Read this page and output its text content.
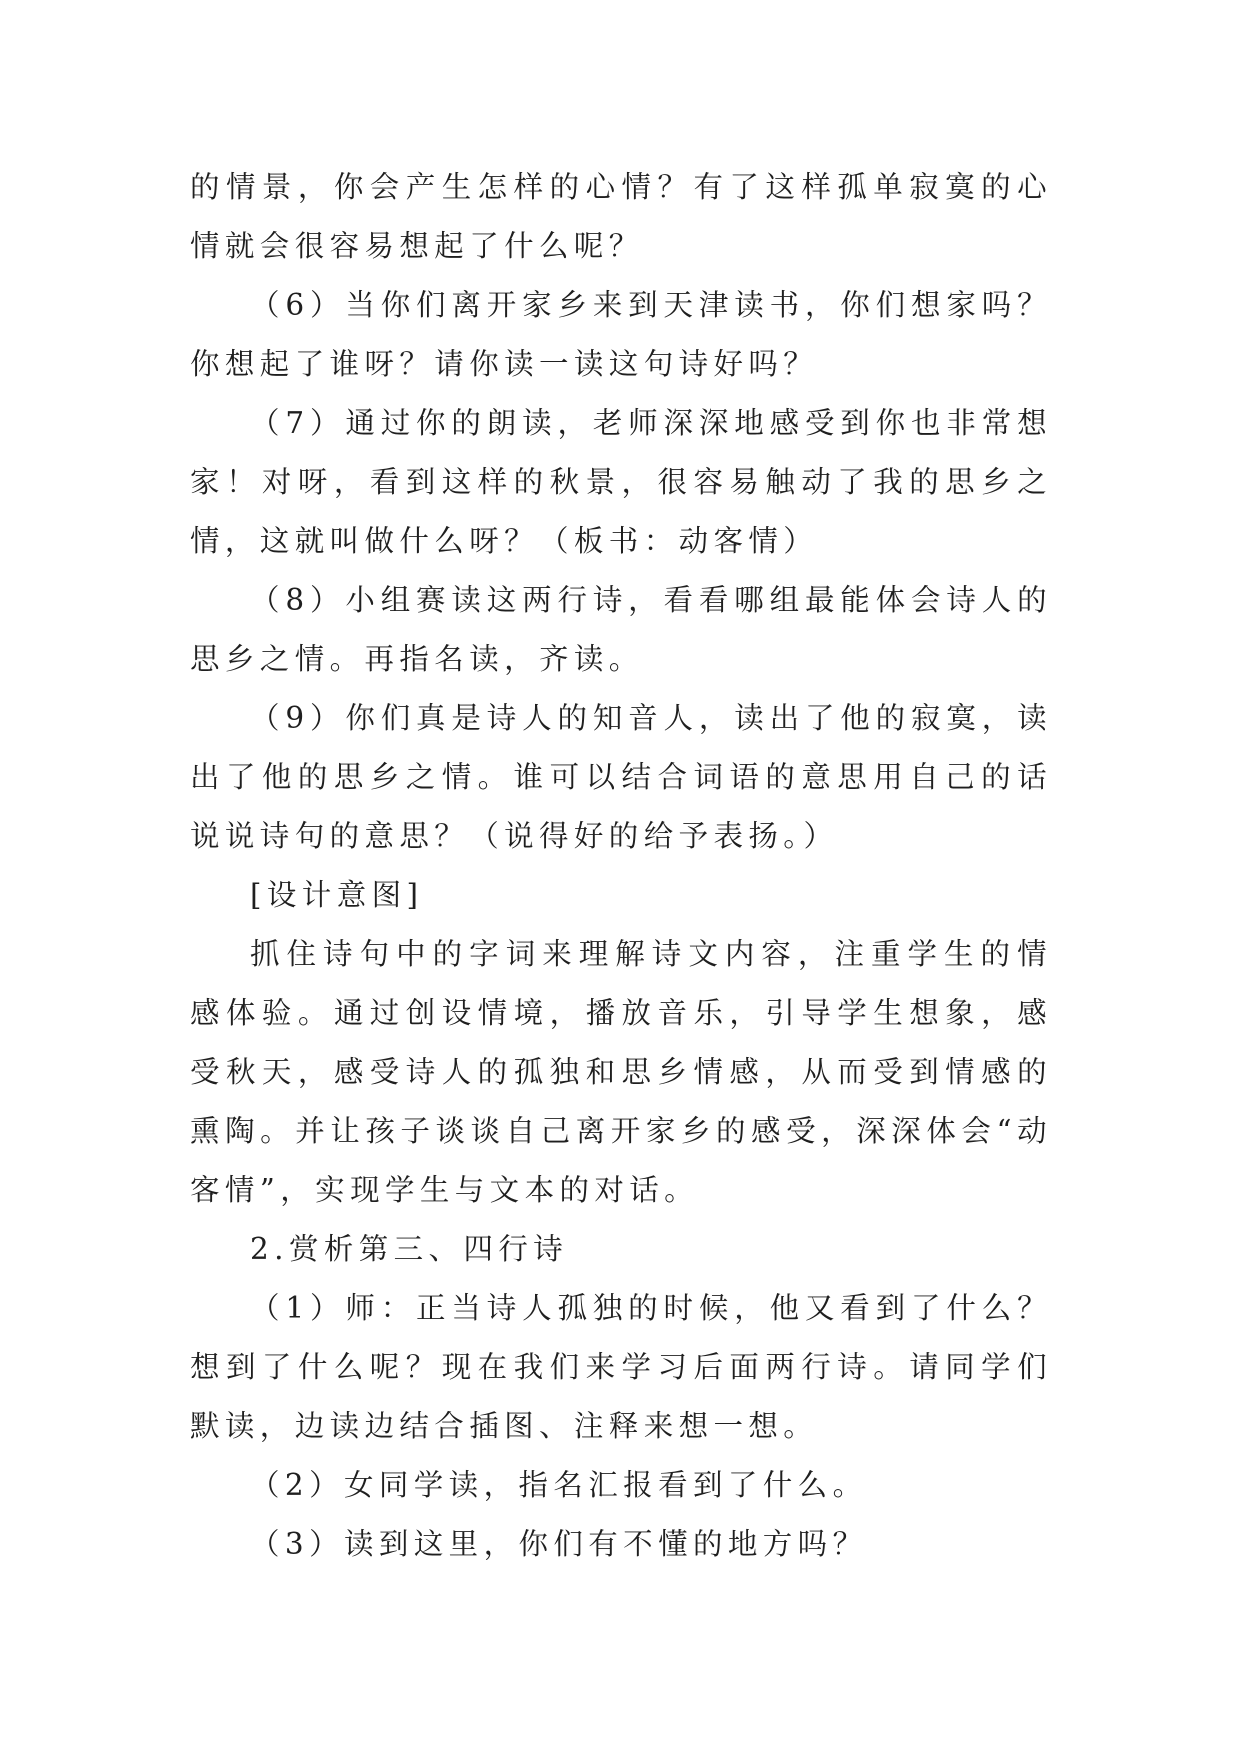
的情景，你会产生怎样的心情？有了这样孤单寂寞的心情就会很容易想起了什么呢？

（6）当你们离开家乡来到天津读书，你们想家吗？你想起了谁呀？请你读一读这句诗好吗？

（7）通过你的朗读，老师深深地感受到你也非常想家！对呀，看到这样的秋景，很容易触动了我的思乡之情，这就叫做什么呀？（板书：动客情）

（8）小组赛读这两行诗，看看哪组最能体会诗人的思乡之情。再指名读，齐读。

（9）你们真是诗人的知音人，读出了他的寂寞，读出了他的思乡之情。谁可以结合词语的意思用自己的话说说诗句的意思？（说得好的给予表扬。）

[设计意图]

抓住诗句中的字词来理解诗文内容，注重学生的情感体验。通过创设情境，播放音乐，引导学生想象，感受秋天，感受诗人的孤独和思乡情感，从而受到情感的熏陶。并让孩子谈谈自己离开家乡的感受，深深体会“动客情”，实现学生与文本的对话。

2.赏析第三、四行诗

（1）师：正当诗人孤独的时候，他又看到了什么？想到了什么呢？现在我们来学习后面两行诗。请同学们默读，边读边结合插图、注释来想一想。

（2）女同学读，指名汇报看到了什么。

（3）读到这里，你们有不懂的地方吗？
